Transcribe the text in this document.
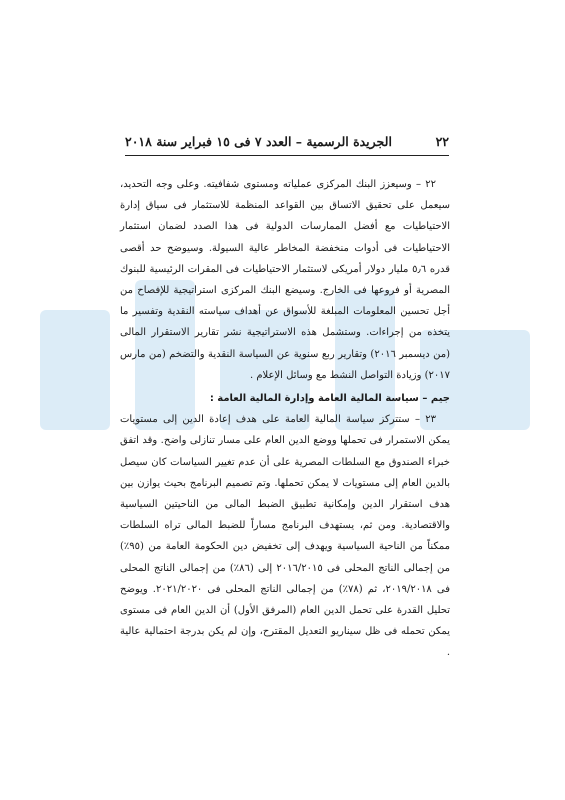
٢٢
الجريدة الرسمية – العدد ٧ فى ١٥ فبراير سنة ٢٠١٨

٢٢ – وسيعزز البنك المركزى عملياته ومستوى شفافيته. وعلى وجه التحديد، سيعمل على تحقيق الاتساق بين القواعد المنظمة للاستثمار فى سياق إدارة الاحتياطيات مع أفضل الممارسات الدولية فى هذا الصدد لضمان استثمار الاحتياطيات فى أدوات منخفضة المخاطر عالية السيولة. وسيوضح حد أقصى قدره ٥٫٦ مليار دولار أمريكى لاستثمار الاحتياطيات فى المقرات الرئيسية للبنوك المصرية أو فروعها فى الخارج. وسيضع البنك المركزى استراتيجية للإفصاح من أجل تحسين المعلومات المبلغة للأسواق عن أهداف سياسته النقدية وتفسير ما يتخذه من إجراءات. وستشمل هذه الاستراتيجية نشر تقارير الاستقرار المالى (من ديسمبر ٢٠١٦) وتقارير ربع سنوية عن السياسة النقدية والتضخم (من مارس ٢٠١٧) وزيادة التواصل النشط مع وسائل الإعلام .

جيم – سياسة المالية العامة وإدارة المالية العامة :

٢٣ – ستتركز سياسة المالية العامة على هدف إعادة الدين إلى مستويات يمكن الاستمرار فى تحملها ووضع الدين العام على مسار تنازلى واضح. وقد اتفق خبراء الصندوق مع السلطات المصرية على أن عدم تغيير السياسات كان سيصل بالدين العام إلى مستويات لا يمكن تحملها. وتم تصميم البرنامج بحيث يوازن بين هدف استقرار الدين وإمكانية تطبيق الضبط المالى من الناحيتين السياسية والاقتصادية. ومن ثم، يستهدف البرنامج مساراً للضبط المالى تراه السلطات ممكناً من الناحية السياسية ويهدف إلى تخفيض دين الحكومة العامة من (٩٥٪) من إجمالى الناتج المحلى فى ٢٠١٦/٢٠١٥ إلى (٨٦٪) من إجمالى الناتج المحلى فى ٢٠١٩/٢٠١٨، ثم (٧٨٪) من إجمالى الناتج المحلى فى ٢٠٢١/٢٠٢٠. ويوضح تحليل القدرة على تحمل الدين العام (المرفق الأول) أن الدين العام فى مستوى يمكن تحمله فى ظل سيناريو التعديل المقترح، وإن لم يكن بدرجة احتمالية عالية .
